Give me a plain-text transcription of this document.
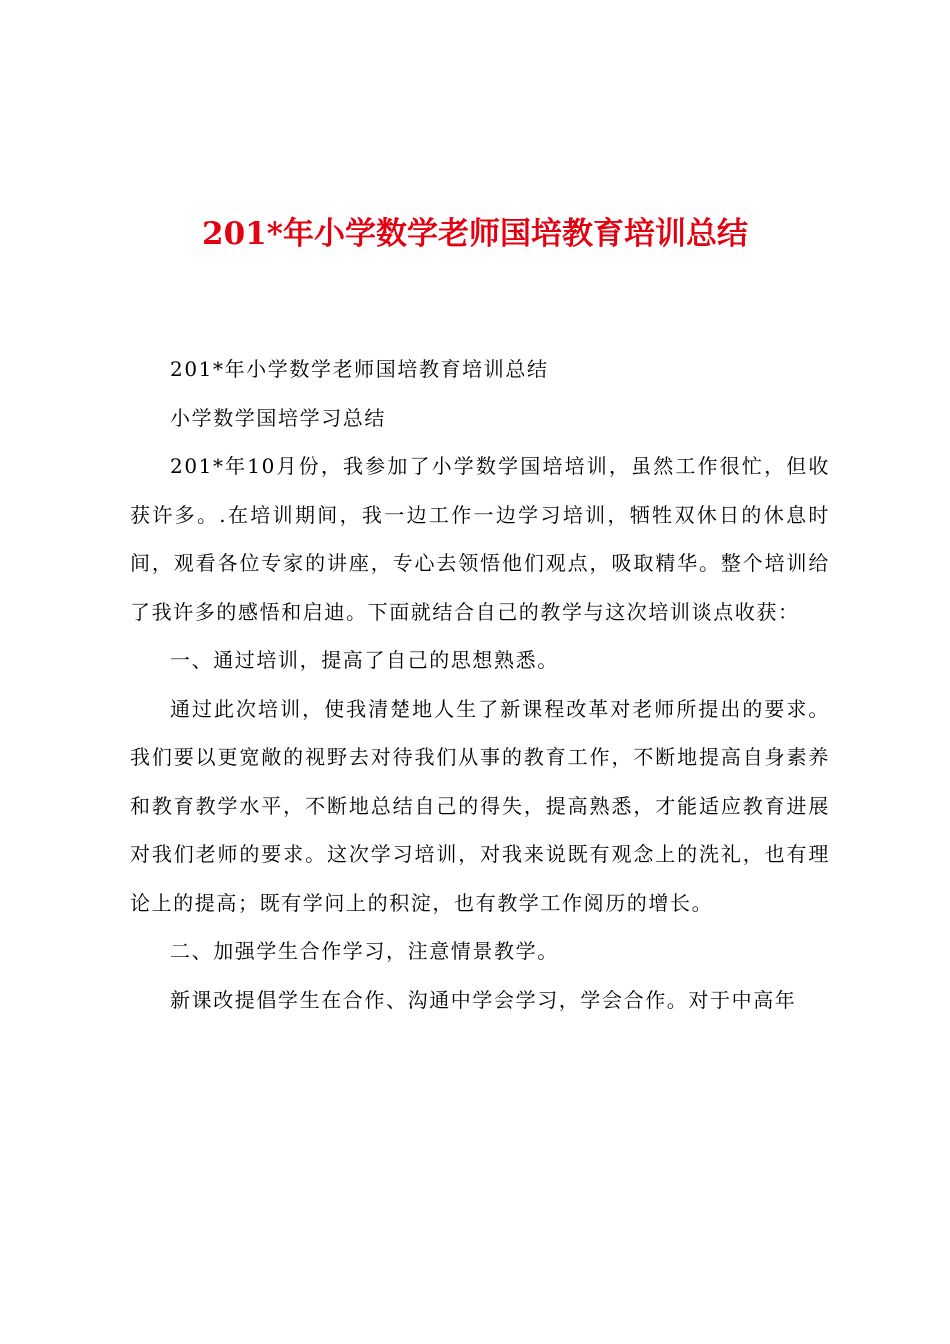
201*年小学数学老师国培教育培训总结

201*年小学数学老师国培教育培训总结

小学数学国培学习总结

201*年10月份，我参加了小学数学国培培训，虽然工作很忙，但收获许多。.在培训期间，我一边工作一边学习培训，牺牲双休日的休息时间，观看各位专家的讲座，专心去领悟他们观点，吸取精华。整个培训给了我许多的感悟和启迪。下面就结合自己的教学与这次培训谈点收获：

一、通过培训，提高了自己的思想熟悉。

通过此次培训，使我清楚地人生了新课程改革对老师所提出的要求。我们要以更宽敞的视野去对待我们从事的教育工作，不断地提高自身素养和教育教学水平，不断地总结自己的得失，提高熟悉，才能适应教育进展对我们老师的要求。这次学习培训，对我来说既有观念上的洗礼，也有理论上的提高；既有学问上的积淀，也有教学工作阅历的增长。

二、加强学生合作学习，注意情景教学。

新课改提倡学生在合作、沟通中学会学习，学会合作。对于中高年
